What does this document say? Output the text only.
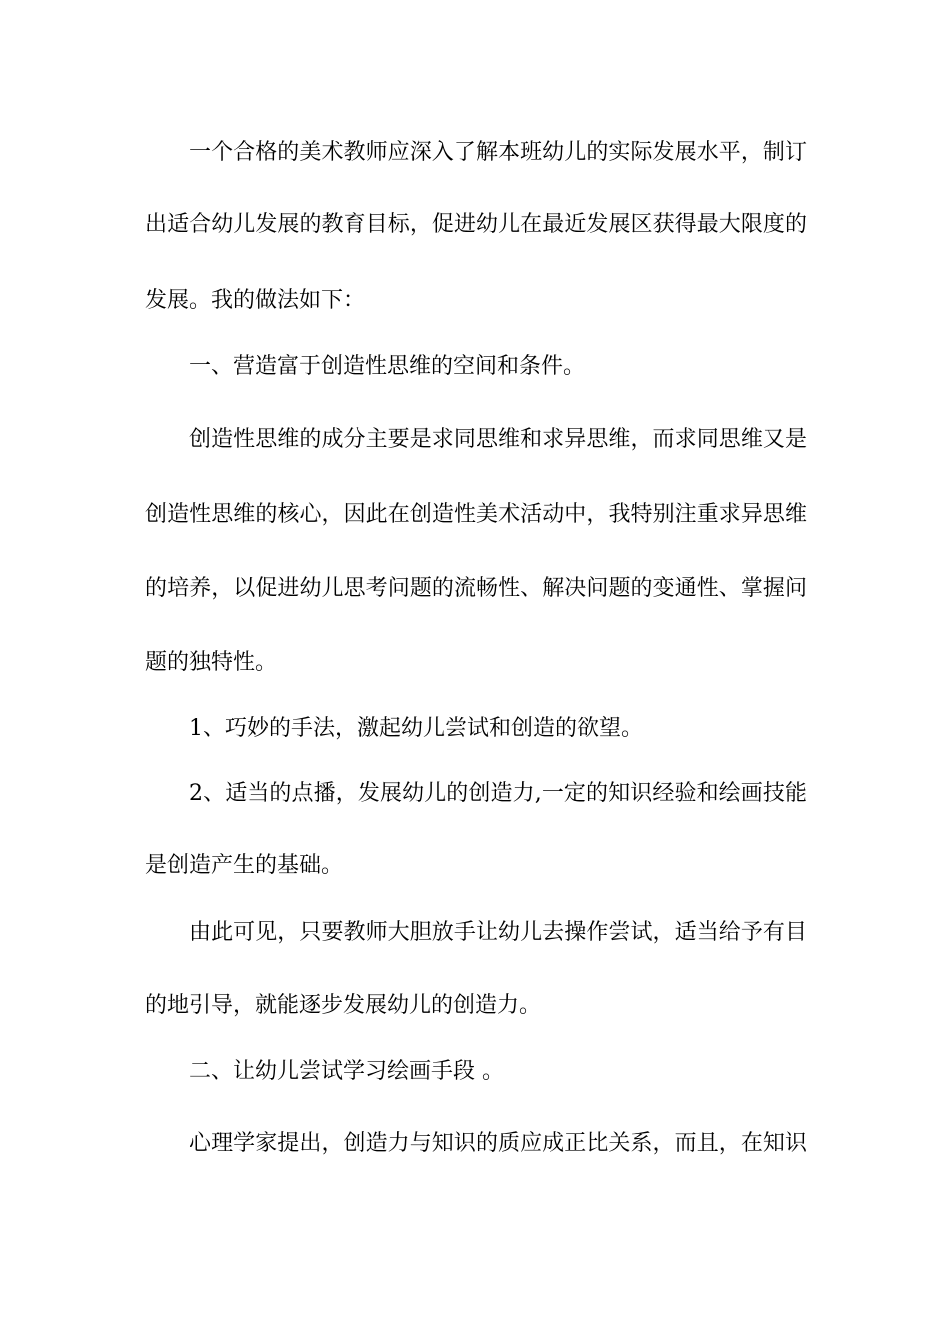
一个合格的美术教师应深入了解本班幼儿的实际发展水平，制订
出适合幼儿发展的教育目标，促进幼儿在最近发展区获得最大限度的
发展。我的做法如下：
一、营造富于创造性思维的空间和条件。
创造性思维的成分主要是求同思维和求异思维，而求同思维又是
创造性思维的核心，因此在创造性美术活动中，我特别注重求异思维
的培养，以促进幼儿思考问题的流畅性、解决问题的变通性、掌握问
题的独特性。
1、巧妙的手法，激起幼儿尝试和创造的欲望。
2、适当的点播，发展幼儿的创造力,一定的知识经验和绘画技能
是创造产生的基础。
由此可见，只要教师大胆放手让幼儿去操作尝试，适当给予有目
的地引导，就能逐步发展幼儿的创造力。
二、让幼儿尝试学习绘画手段 。
心理学家提出，创造力与知识的质应成正比关系，而且，在知识
